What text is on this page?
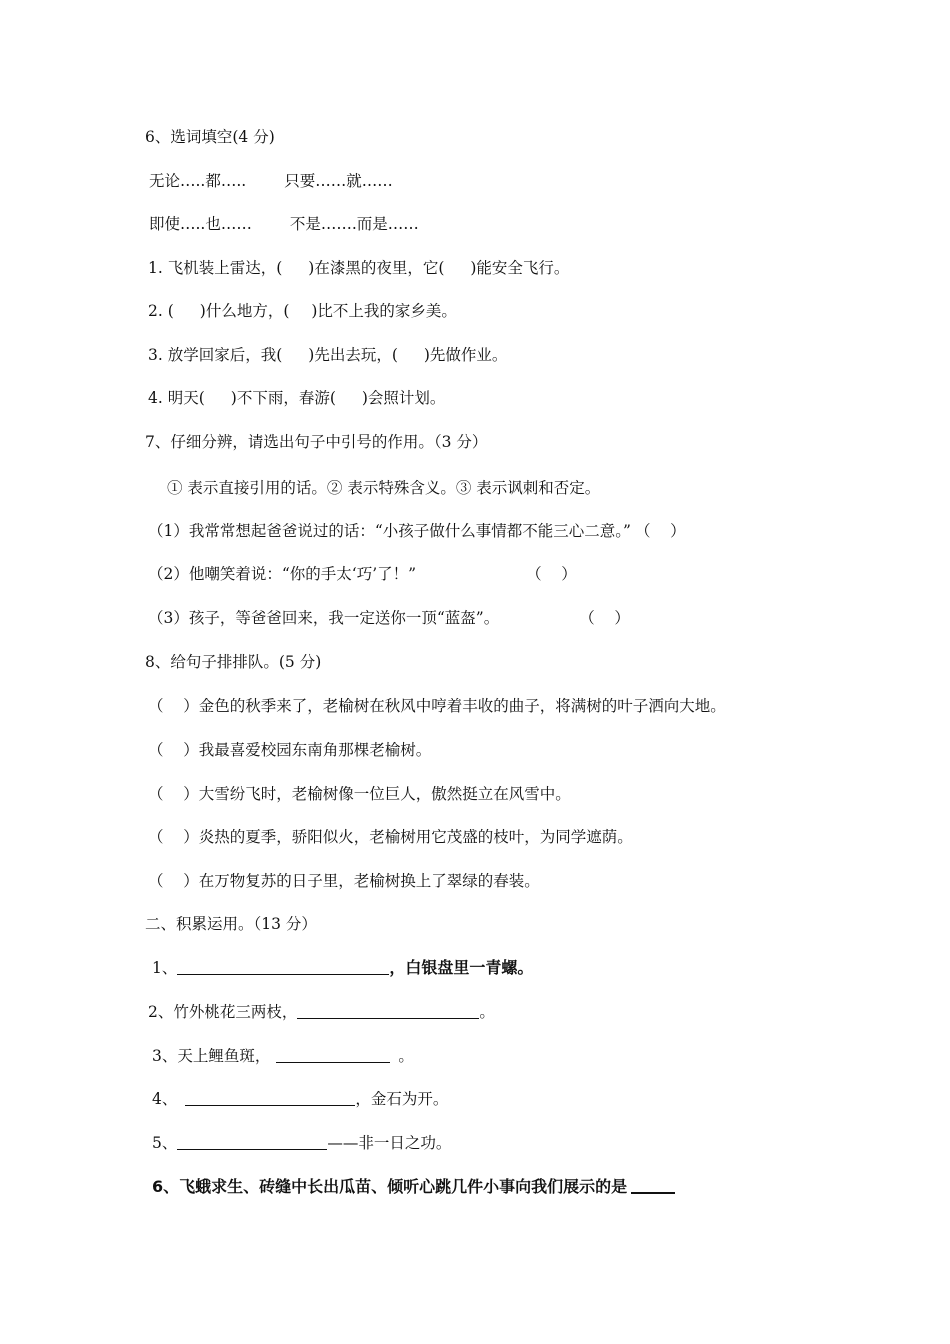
6、选词填空(4 分)
无论…..都….. 只要……就……
即使…..也…… 不是…….而是……
1. 飞机装上雷达，( )在漆黑的夜里，它( )能安全飞行。
2. ( )什么地方，( )比不上我的家乡美。
3. 放学回家后，我( )先出去玩，( )先做作业。
4. 明天( )不下雨，春游( )会照计划。
7、仔细分辨，请选出句子中引号的作用。（3 分）
① 表示直接引用的话。② 表示特殊含义。③ 表示讽刺和否定。
（1）我常常想起爸爸说过的话：“小孩子做什么事情都不能三心二意。” （    ）
（2）他嘲笑着说：“你的手太‘巧’了！”	（    ）
（3）孩子，等爸爸回来，我一定送你一顶“蓝盔”。	（    ）
8、给句子排排队。(5 分)
（    ）金色的秋季来了，老榆树在秋风中哼着丰收的曲子，将满树的叶子洒向大地。
（    ）我最喜爱校园东南角那棵老榆树。
（    ）大雪纷飞时，老榆树像一位巨人，傲然挺立在风雪中。
（    ）炎热的夏季，骄阳似火，老榆树用它茂盛的枝叶，为同学遮荫。
（    ）在万物复苏的日子里，老榆树换上了翠绿的春装。
二、积累运用。（13 分）
1、	，白银盘里一青螺。
2、竹外桃花三两枝，	。
3、天上鲤鱼斑，	。
4、	，金石为开。
5、	——非一日之功。
6、飞蛾求生、砖缝中长出瓜苗、倾听心跳几件小事向我们展示的是
